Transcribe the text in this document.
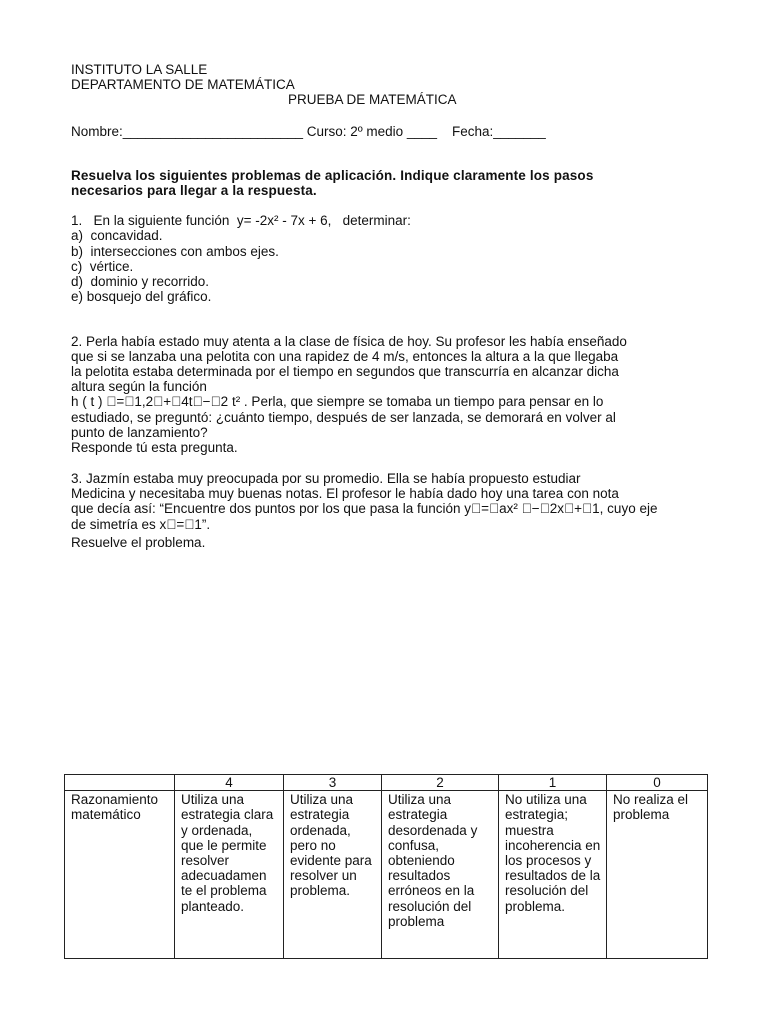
INSTITUTO LA SALLE
DEPARTAMENTO DE MATEMÁTICA
PRUEBA DE MATEMÁTICA
Nombre:________________________ Curso: 2º medio ____    Fecha:_______
Resuelva los siguientes problemas de aplicación. Indique claramente los pasos
necesarios para llegar a la respuesta.
1.   En la siguiente función  y= -2x² - 7x + 6,   determinar:
a)  concavidad.
b)  intersecciones con ambos ejes.
c)  vértice.
d)  dominio y recorrido.
e) bosquejo del gráfico.
2. Perla había estado muy atenta a la clase de física de hoy. Su profesor les había enseñado
que si se lanzaba una pelotita con una rapidez de 4 m/s, entonces la altura a la que llegaba
la pelotita estaba determinada por el tiempo en segundos que transcurría en alcanzar dicha
altura según la función
h ( t )  = 1,2 + 4t − 2 t² . Perla, que siempre se tomaba un tiempo para pensar en lo
estudiado, se preguntó: ¿cuánto tiempo, después de ser lanzada, se demorará en volver al
punto de lanzamiento?
Responde tú esta pregunta.
3. Jazmín estaba muy preocupada por su promedio. Ella se había propuesto estudiar
Medicina y necesitaba muy buenas notas. El profesor le había dado hoy una tarea con nota
que decía así: “Encuentre dos puntos por los que pasa la función y = ax²  − 2x + 1, cuyo eje
de simetría es x = 1”.
Resuelve el problema.
	4	3	2	1	0
Razonamiento matemático	Utiliza una estrategia clara y ordenada, que le permite resolver adecuadamen te el problema planteado.	Utiliza una estrategia ordenada, pero no evidente para resolver un problema.	Utiliza una estrategia desordenada y confusa, obteniendo resultados erróneos en la resolución del problema	No utiliza una estrategia; muestra incoherencia en los procesos y resultados de la resolución del problema.	No realiza el problema
